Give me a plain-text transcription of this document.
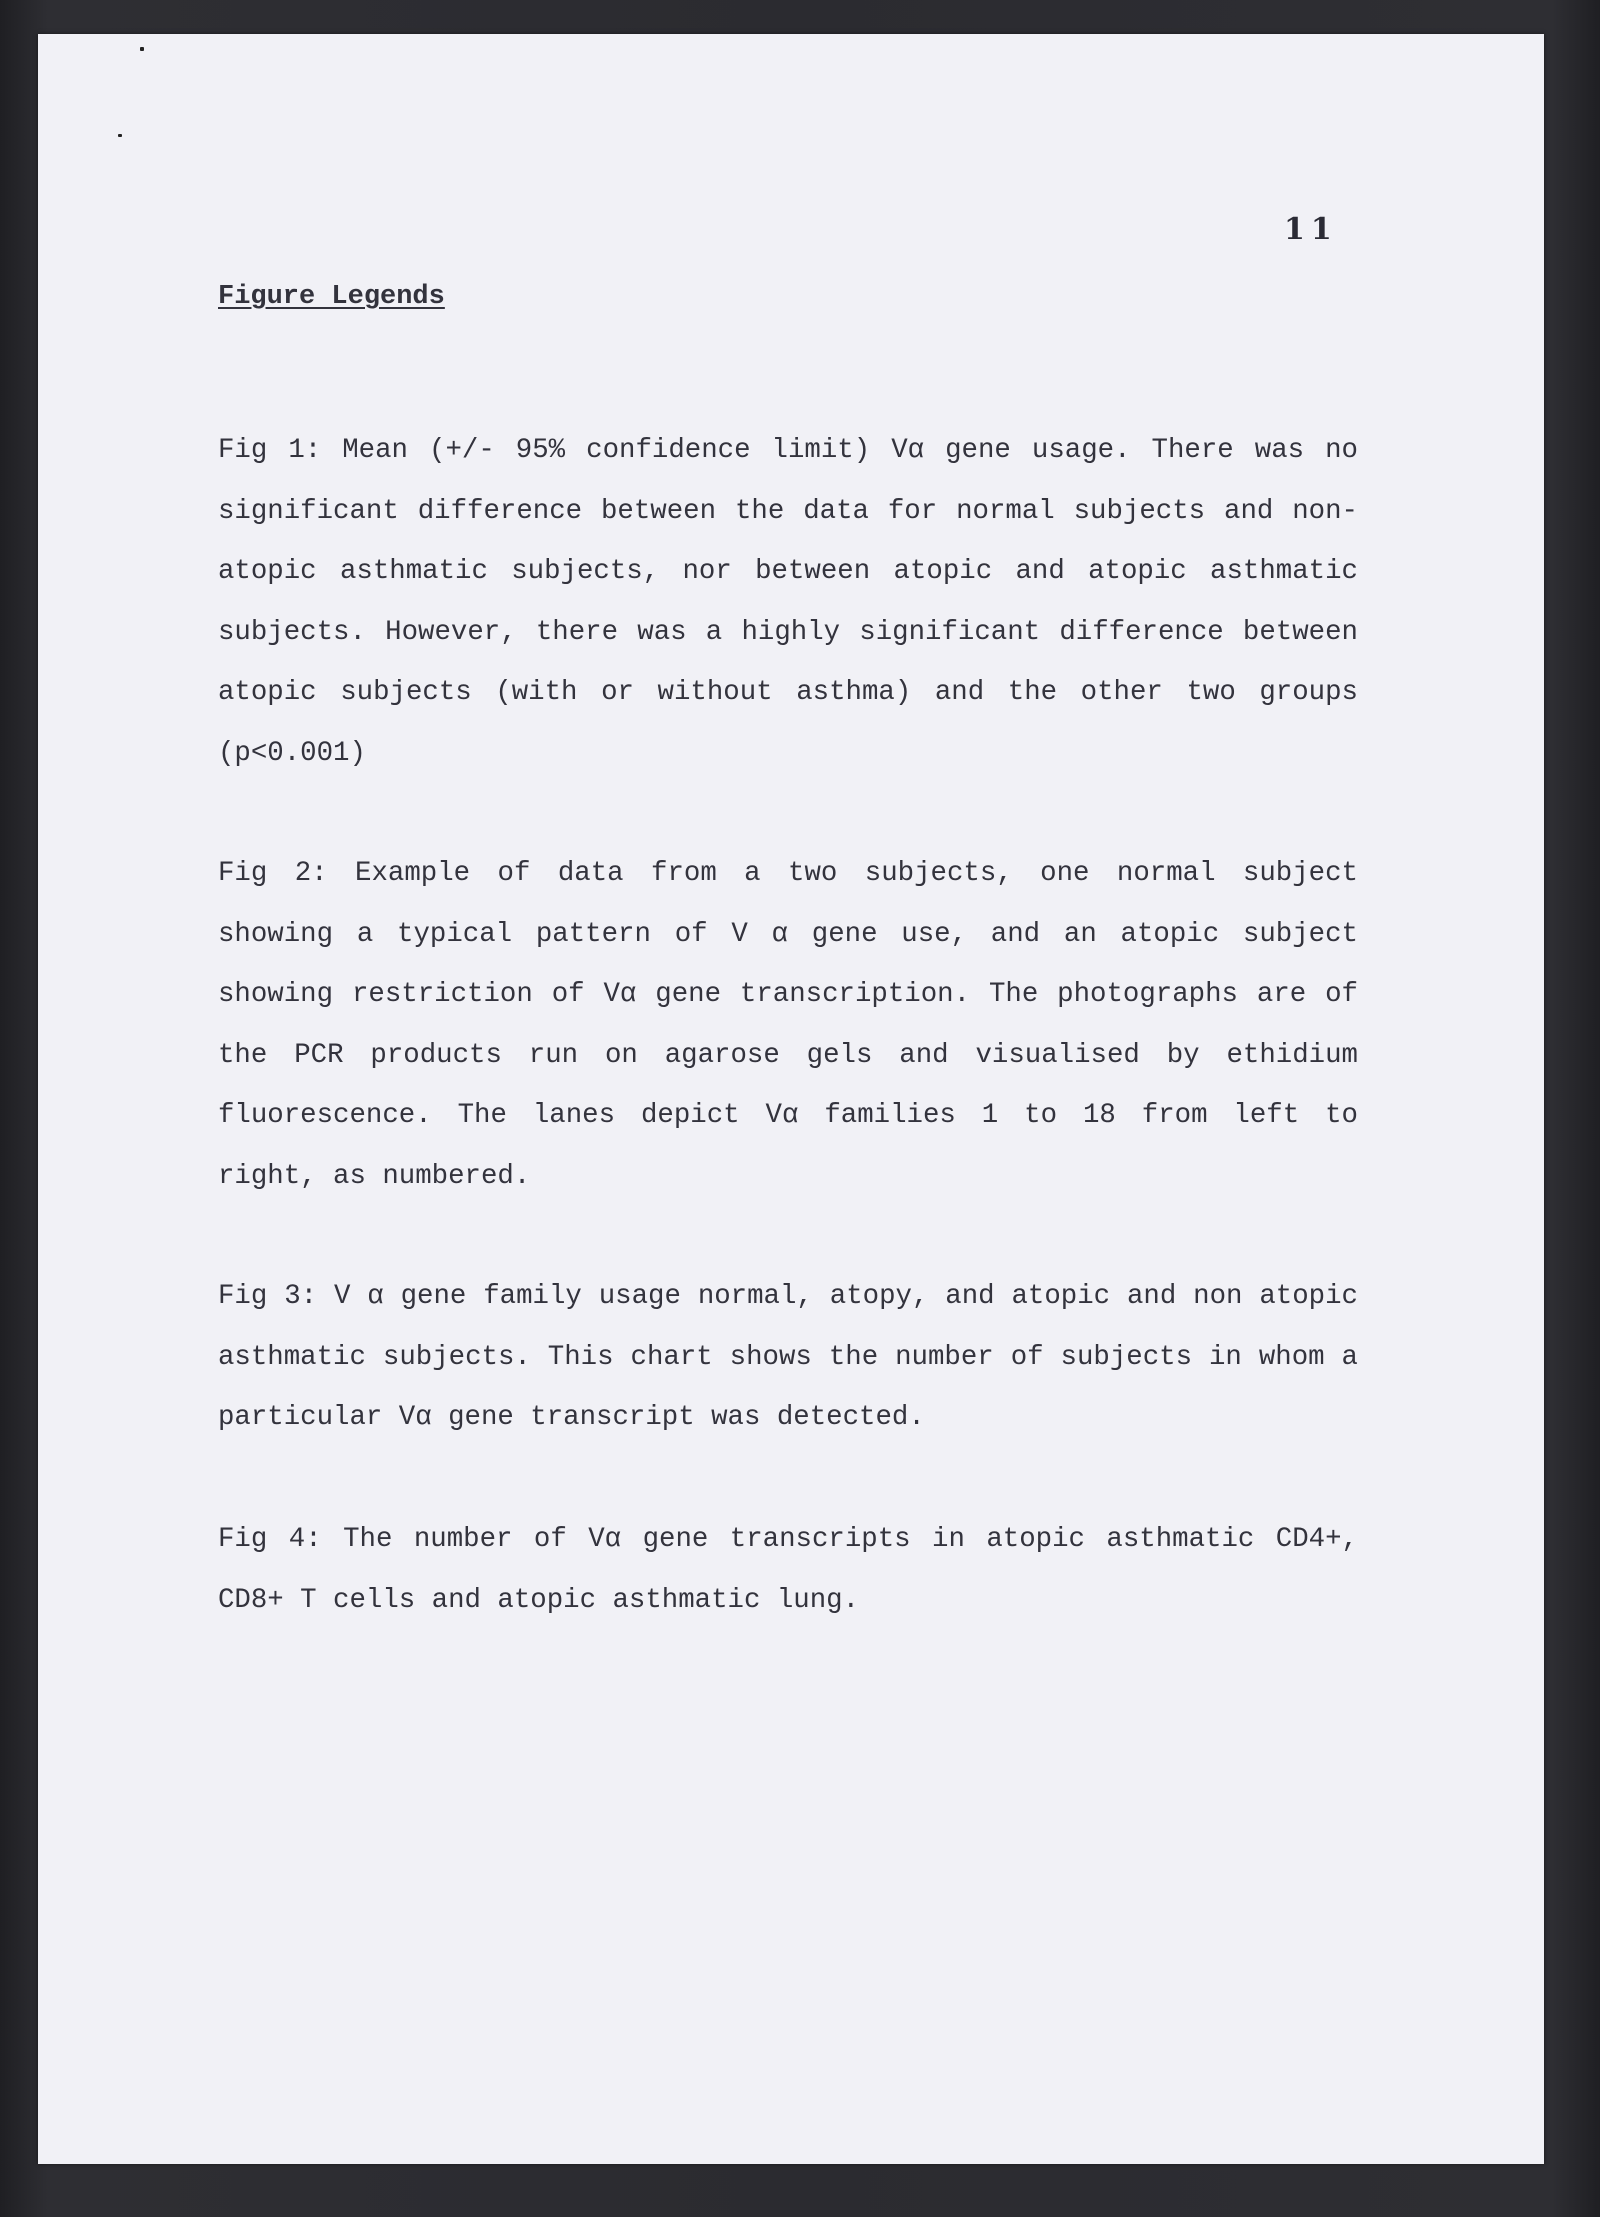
11
Figure Legends
Fig 1: Mean (+/- 95% confidence limit) Vα gene usage. There was no significant difference between the data for normal subjects and non-atopic asthmatic subjects, nor between atopic and atopic asthmatic subjects. However, there was a highly significant difference between atopic subjects (with or without asthma) and the other two groups (p<0.001)
Fig 2: Example of data from a two subjects, one normal subject showing a typical pattern of V α gene use, and an atopic subject showing restriction of Vα gene transcription. The photographs are of the PCR products run on agarose gels and visualised by ethidium fluorescence. The lanes depict Vα families 1 to 18 from left to right, as numbered.
Fig 3: V α gene family usage normal, atopy, and atopic and non atopic asthmatic subjects. This chart shows the number of subjects in whom a particular Vα gene transcript was detected.
Fig 4: The number of Vα gene transcripts in atopic asthmatic CD4+, CD8+ T cells and atopic asthmatic lung.
